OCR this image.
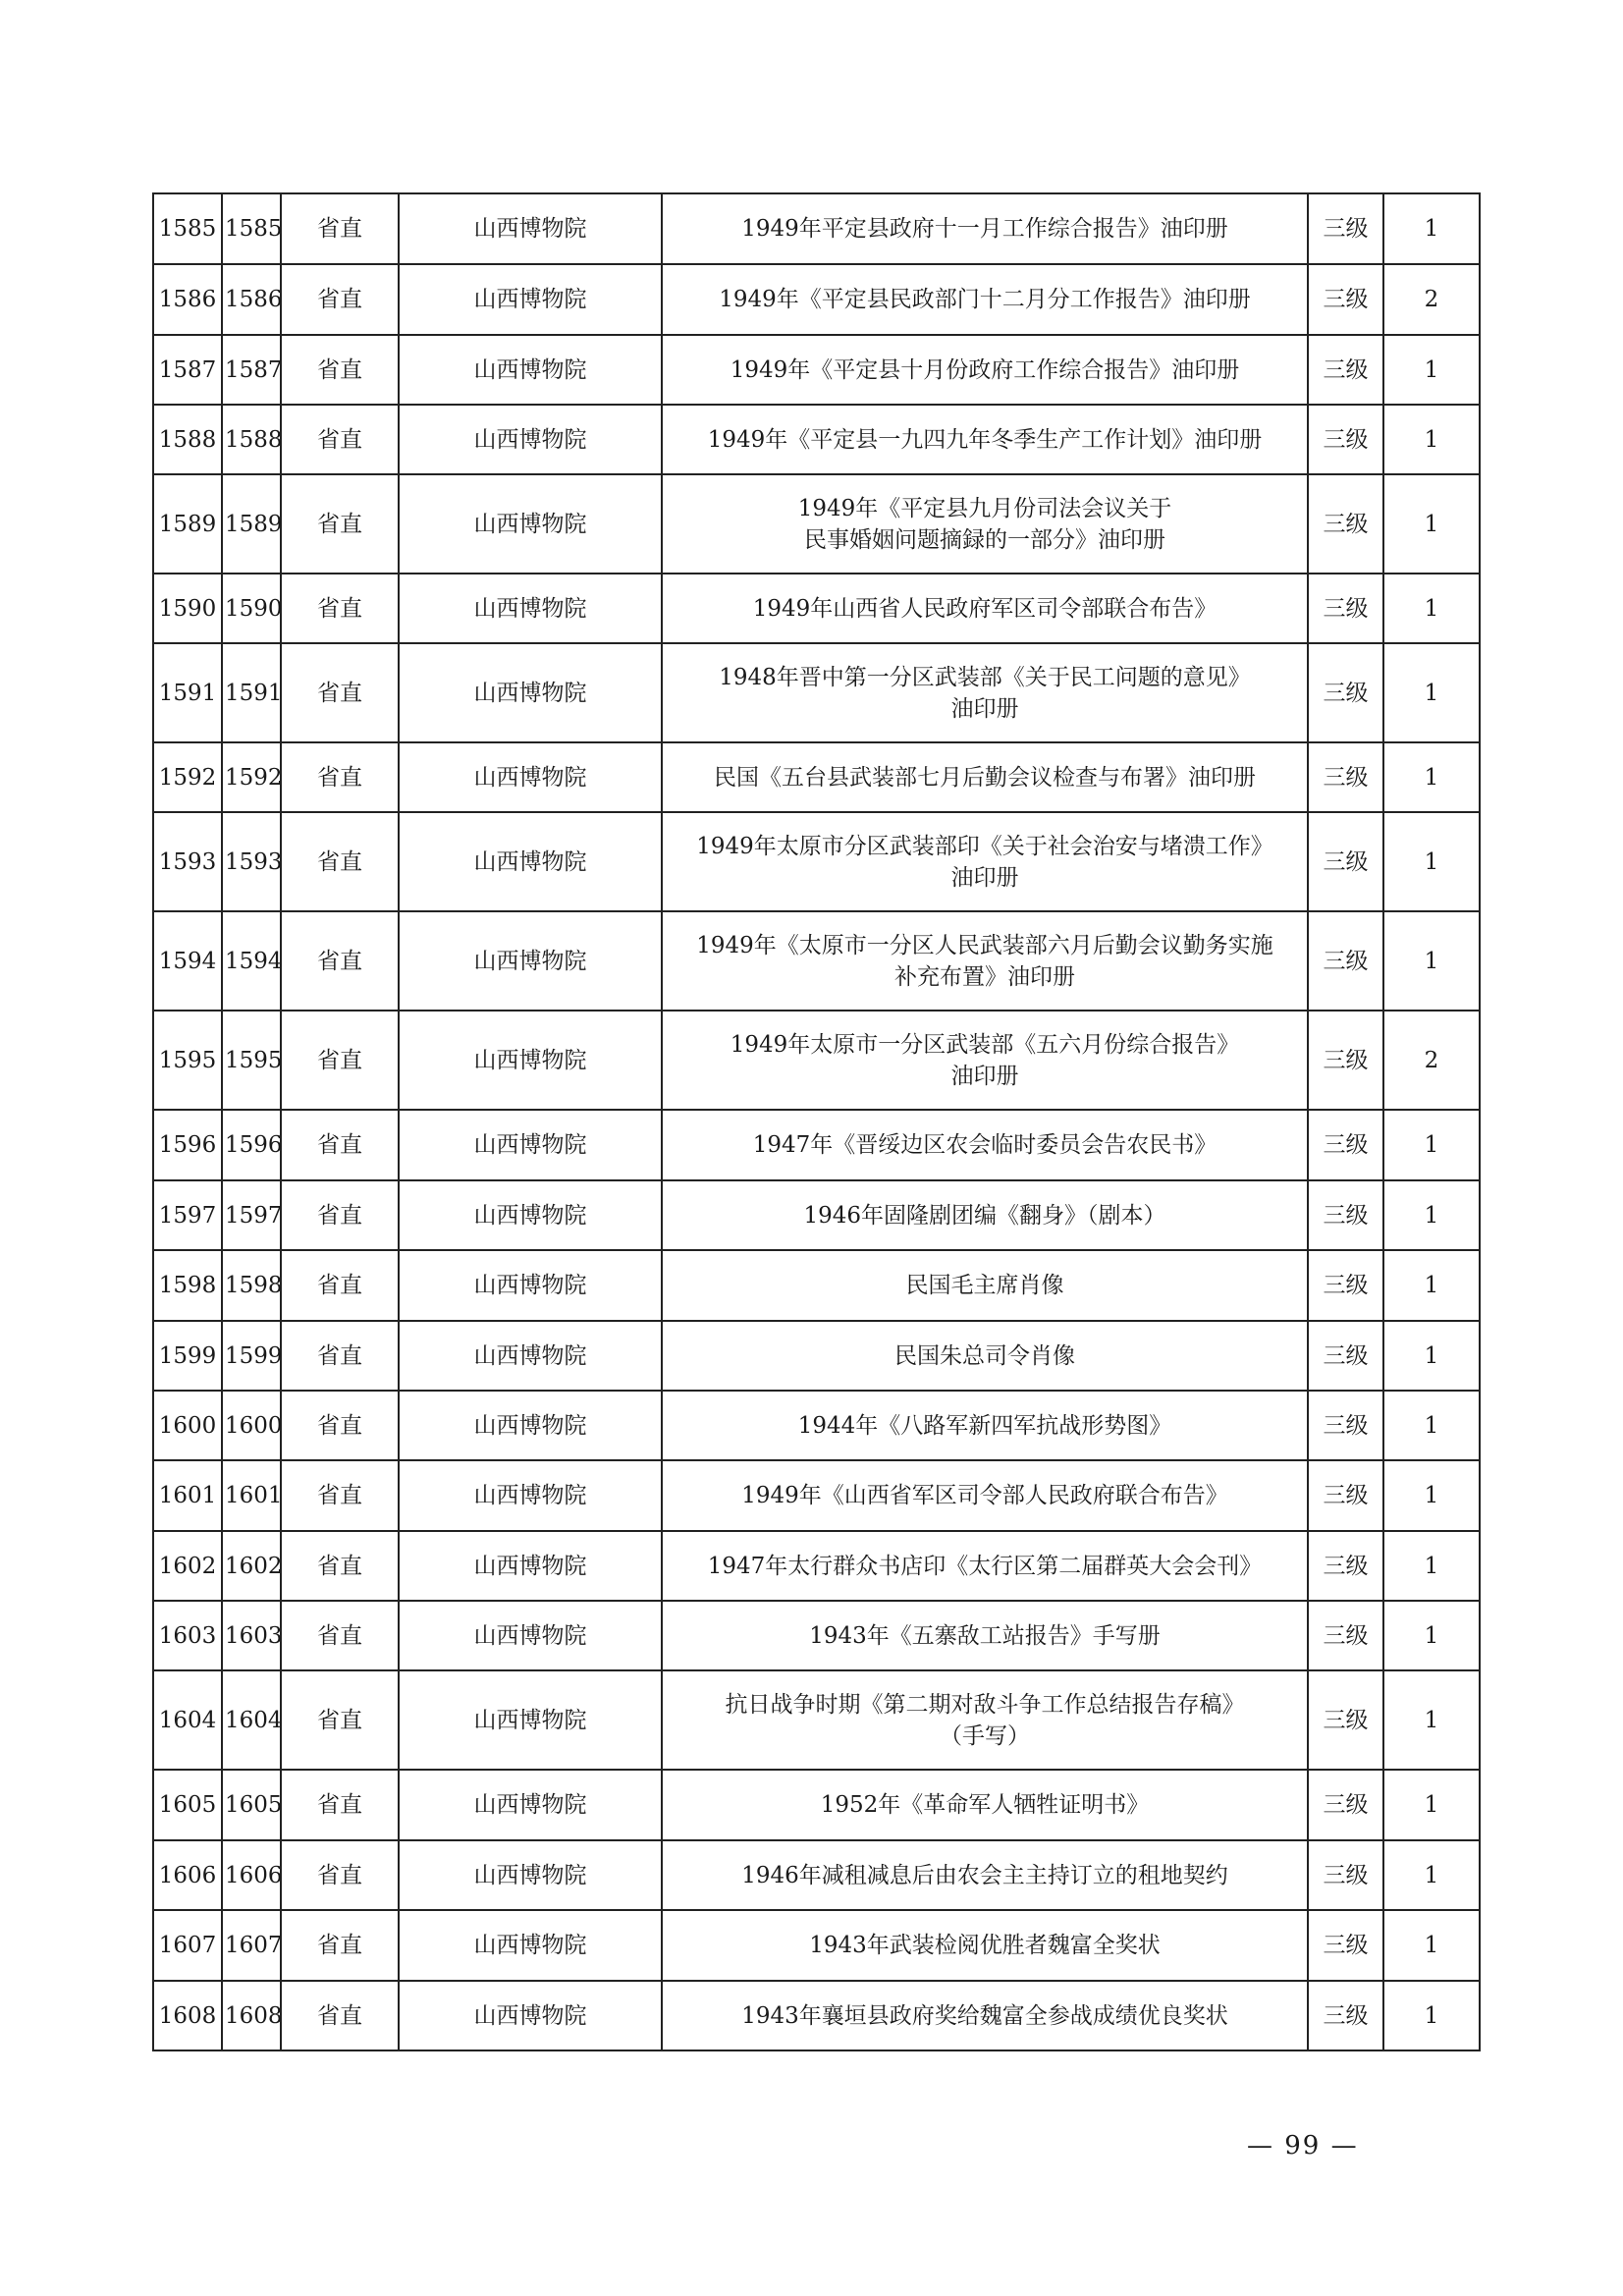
1585	1585	省直	山西博物院	1949年平定县政府十一月工作综合报告》油印册	三级	1
1586	1586	省直	山西博物院	1949年《平定县民政部门十二月分工作报告》油印册	三级	2
1587	1587	省直	山西博物院	1949年《平定县十月份政府工作综合报告》油印册	三级	1
1588	1588	省直	山西博物院	1949年《平定县一九四九年冬季生产工作计划》油印册	三级	1
1589	1589	省直	山西博物院	1949年《平定县九月份司法会议关于
民事婚姻问题摘録的一部分》油印册	三级	1
1590	1590	省直	山西博物院	1949年山西省人民政府军区司令部联合布告》	三级	1
1591	1591	省直	山西博物院	1948年晋中第一分区武装部《关于民工问题的意见》
油印册	三级	1
1592	1592	省直	山西博物院	民国《五台县武装部七月后勤会议检查与布署》油印册	三级	1
1593	1593	省直	山西博物院	1949年太原市分区武装部印《关于社会治安与堵溃工作》
油印册	三级	1
1594	1594	省直	山西博物院	1949年《太原市一分区人民武装部六月后勤会议勤务实施
补充布置》油印册	三级	1
1595	1595	省直	山西博物院	1949年太原市一分区武装部《五六月份综合报告》
油印册	三级	2
1596	1596	省直	山西博物院	1947年《晋绥边区农会临时委员会告农民书》	三级	1
1597	1597	省直	山西博物院	1946年固隆剧团编《翻身》（剧本）	三级	1
1598	1598	省直	山西博物院	民国毛主席肖像	三级	1
1599	1599	省直	山西博物院	民国朱总司令肖像	三级	1
1600	1600	省直	山西博物院	1944年《八路军新四军抗战形势图》	三级	1
1601	1601	省直	山西博物院	1949年《山西省军区司令部人民政府联合布告》	三级	1
1602	1602	省直	山西博物院	1947年太行群众书店印《太行区第二届群英大会会刊》	三级	1
1603	1603	省直	山西博物院	1943年《五寨敌工站报告》手写册	三级	1
1604	1604	省直	山西博物院	抗日战争时期《第二期对敌斗争工作总结报告存稿》
（手写）	三级	1
1605	1605	省直	山西博物院	1952年《革命军人牺牲证明书》	三级	1
1606	1606	省直	山西博物院	1946年减租减息后由农会主主持订立的租地契约	三级	1
1607	1607	省直	山西博物院	1943年武装检阅优胜者魏富全奖状	三级	1
1608	1608	省直	山西博物院	1943年襄垣县政府奖给魏富全参战成绩优良奖状	三级	1
— 99 —
